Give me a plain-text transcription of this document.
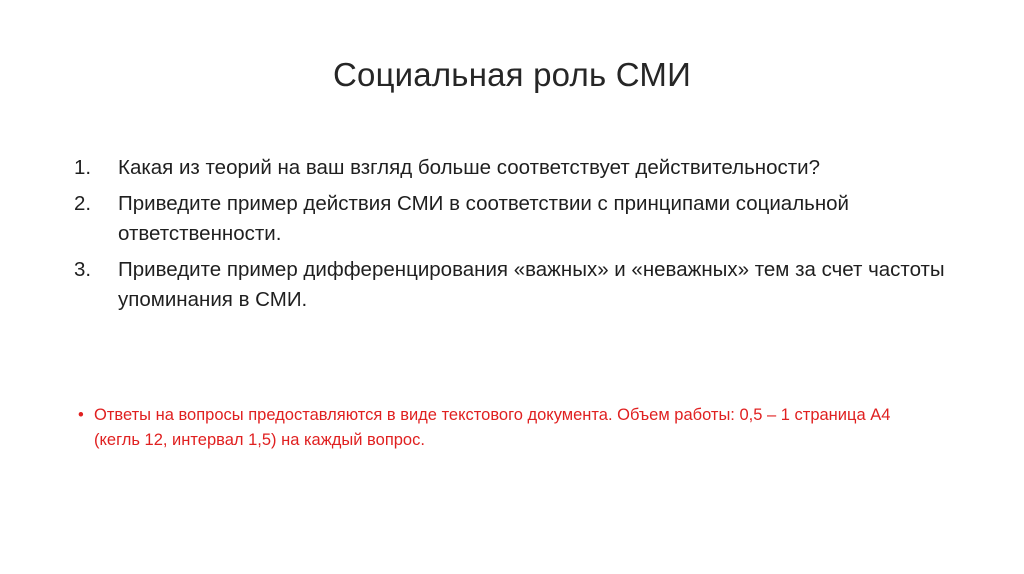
Социальная роль СМИ
1. Какая из теорий на ваш взгляд больше соответствует действительности?
2. Приведите пример действия СМИ в соответствии с принципами социальной ответственности.
3. Приведите пример дифференцирования «важных» и «неважных» тем за счет частоты упоминания в СМИ.
• Ответы на вопросы предоставляются в виде текстового документа. Объем работы: 0,5 – 1 страница А4 (кегль 12, интервал 1,5) на каждый вопрос.
